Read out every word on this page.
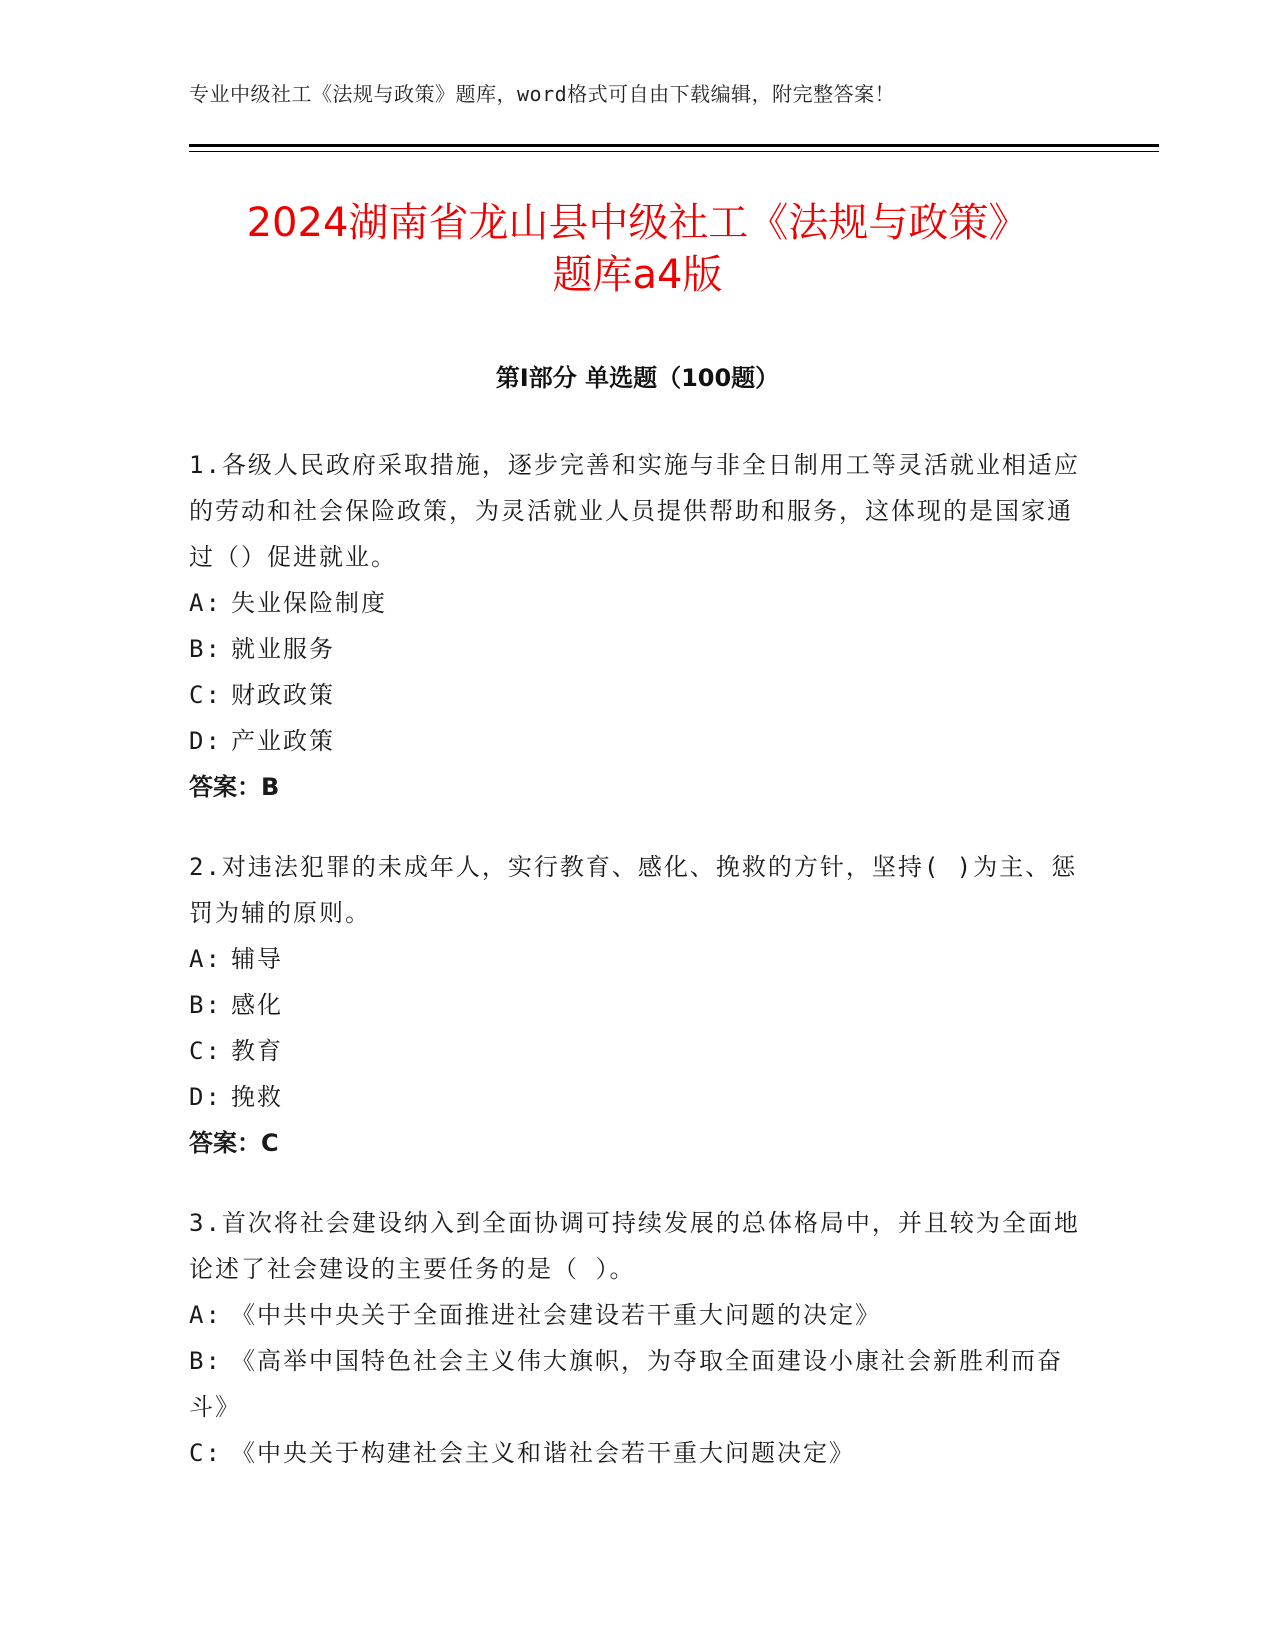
专业中级社工《法规与政策》题库，word格式可自由下载编辑，附完整答案！
2024湖南省龙山县中级社工《法规与政策》
题库a4版
第Ⅰ部分 单选题（100题）

1.各级人民政府采取措施，逐步完善和实施与非全日制用工等灵活就业相适应的劳动和社会保险政策，为灵活就业人员提供帮助和服务，这体现的是国家通过（）促进就业。

A: 失业保险制度

B: 就业服务

C: 财政政策

D: 产业政策

答案：B

2.对违法犯罪的未成年人，实行教育、感化、挽救的方针，坚持( )为主、惩罚为辅的原则。

A: 辅导

B: 感化

C: 教育

D: 挽救

答案：C

3.首次将社会建设纳入到全面协调可持续发展的总体格局中，并且较为全面地论述了社会建设的主要任务的是（ ）。

A: 《中共中央关于全面推进社会建设若干重大问题的决定》

B: 《高举中国特色社会主义伟大旗帜，为夺取全面建设小康社会新胜利而奋斗》

C: 《中央关于构建社会主义和谐社会若干重大问题决定》
